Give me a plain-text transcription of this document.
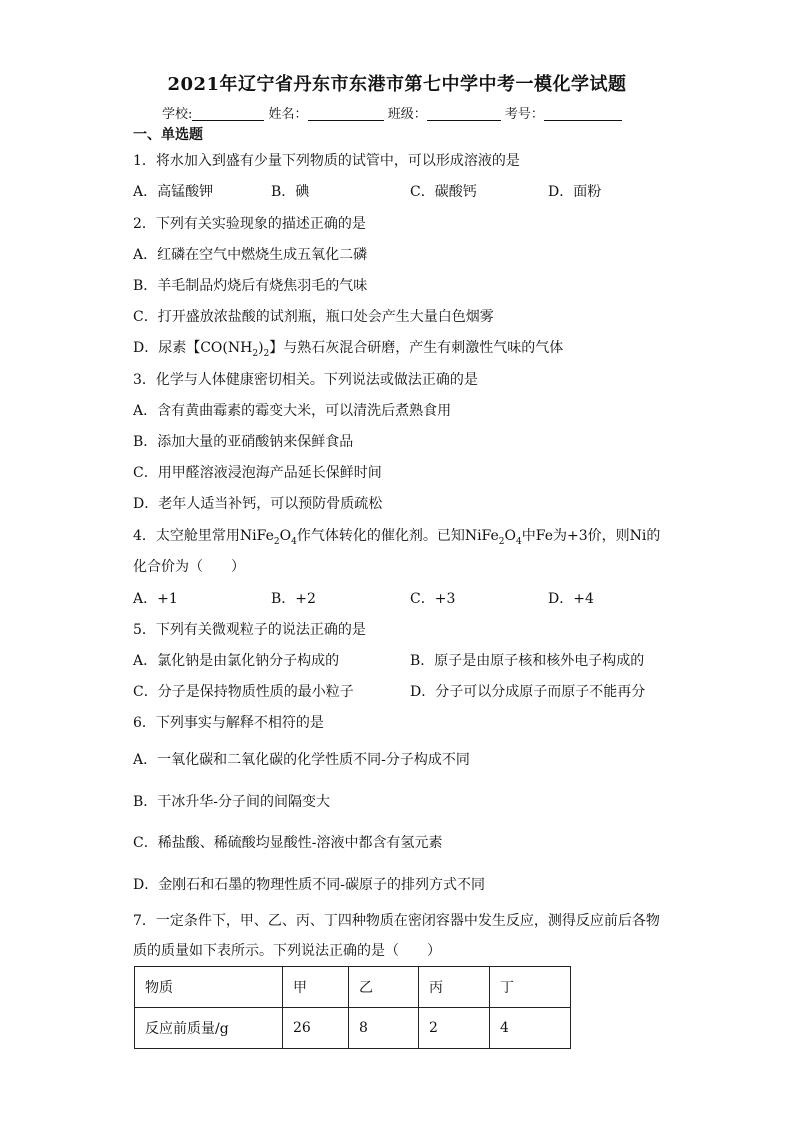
2021年辽宁省丹东市东港市第七中学中考一模化学试题
学校:	姓名：	班级：	考号：
一、单选题
1．将水加入到盛有少量下列物质的试管中，可以形成溶液的是
A．高锰酸钾	B．碘	C．碳酸钙	D．面粉
2．下列有关实验现象的描述正确的是
A．红磷在空气中燃烧生成五氧化二磷
B．羊毛制品灼烧后有烧焦羽毛的气味
C．打开盛放浓盐酸的试剂瓶，瓶口处会产生大量白色烟雾
D．尿素【$CO(NH_2)_2$】与熟石灰混合研磨，产生有刺激性气味的气体
3．化学与人体健康密切相关。下列说法或做法正确的是
A．含有黄曲霉素的霉变大米，可以清洗后煮熟食用
B．添加大量的亚硝酸钠来保鲜食品
C．用甲醛溶液浸泡海产品延长保鲜时间
D．老年人适当补钙，可以预防骨质疏松
4．太空舱里常用$NiFe_2O_4$作气体转化的催化剂。已知$NiFe_2O_4$中Fe为+3价，则Ni的
化合价为（　　）
A．+1	B．+2	C．+3	D．+4
5．下列有关微观粒子的说法正确的是
A．氯化钠是由氯化钠分子构成的	B．原子是由原子核和核外电子构成的
C．分子是保持物质性质的最小粒子	D．分子可以分成原子而原子不能再分
6．下列事实与解释不相符的是
A．一氧化碳和二氧化碳的化学性质不同-分子构成不同
B．干冰升华-分子间的间隔变大
C．稀盐酸、稀硫酸均显酸性-溶液中都含有氢元素
D．金刚石和石墨的物理性质不同-碳原子的排列方式不同
7．一定条件下，甲、乙、丙、丁四种物质在密闭容器中发生反应，测得反应前后各物
质的质量如下表所示。下列说法正确的是（　　）
物质	甲	乙	丙	丁
反应前质量/g	26	8	2	4
